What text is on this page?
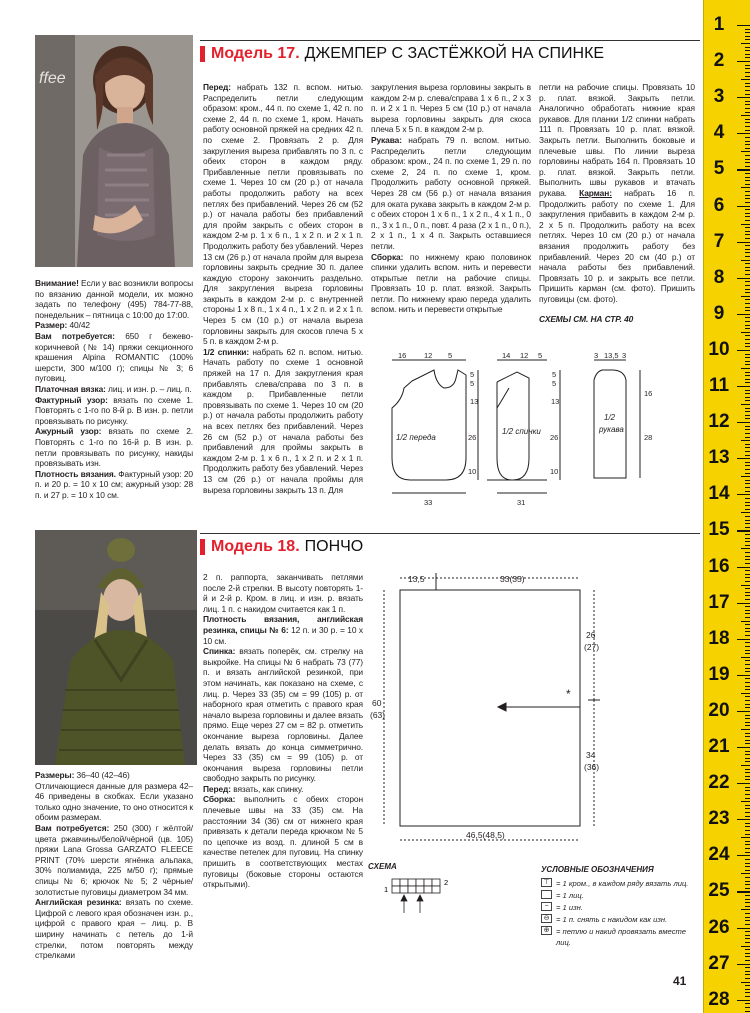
Модель 17. ДЖЕМПЕР С ЗАСТЁЖКОЙ НА СПИНКЕ
ffee

Внимание! Если у вас возникли вопросы по вязанию данной модели, их можно задать по телефону (495) 784-77-88, понедельник – пятница с 10:00 до 17:00.

Размер: 40/42

Вам потребуется: 650 г бежево-коричневой (№ 14) пряжи секционного крашения Alpina ROMANTIC (100% шерсти, 300 м/100 г); спицы № 3; 6 пуговиц.

Платочная вязка: лиц. и изн. р. – лиц. п.

Фактурный узор: вязать по схеме 1. Повторять с 1-го по 8-й р. В изн. р. петли провязывать по рисунку.

Ажурный узор: вязать по схеме 2. Повторять с 1-го по 16-й р. В изн. р. петли провязывать по рисунку, накиды провязывать изн.

Плотность вязания. Фактурный узор: 20 п. и 20 р. = 10 х 10 см; ажурный узор: 28 п. и 27 р. = 10 х 10 см.

Перед: набрать 132 п. вспом. нитью. Распределить петли следующим образом: кром., 44 п. по схеме 1, 42 п. по схеме 2, 44 п. по схеме 1, кром. Начать работу основной пряжей на средних 42 п. по схеме 2. Провязать 2 р. Для закругления выреза прибавлять по 3 п. с обеих сторон в каждом ряду. Прибавленные петли провязывать по схеме 1. Через 10 см (20 р.) от начала работы продолжить работу на всех петлях без прибавлений. Через 26 см (52 р.) от начала работы без прибавлений для пройм закрыть с обеих сторон в каждом 2-м р. 1 х 6 п., 1 х 2 п. и 2 х 1 п. Продолжить работу без убавлений. Через 13 см (26 р.) от начала пройм для выреза горловины закрыть средние 30 п. далее каждую сторону закончить раздельно. Для закругления выреза горловины закрыть в каждом 2-м р. с внутренней стороны 1 х 8 п., 1 х 4 п., 1 х 2 п. и 2 х 1 п. Через 5 см (10 р.) от начала выреза горловины закрыть для скосов плеча 5 х 5 п. в каждом 2-м р.

1/2 спинки: набрать 62 п. вспом. нитью. Начать работу по схеме 1 основной пряжей на 17 п. Для закругления края прибавлять слева/справа по 3 п. в каждом р. Прибавленные петли провязывать по схеме 1. Через 10 см (20 р.) от начала работы продолжить работу на всех петлях без прибавлений. Через 26 см (52 р.) от начала работы без прибавлений для проймы закрыть в каждом 2-м р. 1 х 6 п., 1 х 2 п. и 2 х 1 п. Продолжить работу без убавлений. Через 13 см (26 р.) от начала проймы для выреза горловины закрыть 13 п. Для

закругления выреза горловины закрыть в каждом 2-м р. слева/справа 1 х 6 п., 2 х 3 п. и 2 х 1 п. Через 5 см (10 р.) от начала выреза горловины закрыть для скоса плеча 5 х 5 п. в каждом 2-м р.

Рукава: набрать 79 п. вспом. нитью. Распределить петли следующим образом: кром., 24 п. по схеме 1, 29 п. по схеме 2, 24 п. по схеме 1, кром. Продолжить работу основной пряжей. Через 28 см (56 р.) от начала вязания для оката рукава закрыть в каждом 2-м р. с обеих сторон 1 х 6 п., 1 х 2 п., 4 х 1 п., 0 п., 3 х 1 п., 0 п., повт. 4 раза (2 х 1 п., 0 п.), 2 х 1 п., 1 х 4 п. Закрыть оставшиеся петли.

Сборка: по нижнему краю половинок спинки удалить вспом. нить и перевести открытые петли на рабочие спицы. Провязать 10 р. плат. вязкой. Закрыть петли. По нижнему краю переда удалить вспом. нить и перевести открытые

петли на рабочие спицы. Провязать 10 р. плат. вязкой. Закрыть петли. Аналогично обработать нижние края рукавов. Для планки 1/2 спинки набрать 111 п. Провязать 10 р. плат. вязкой. Закрыть петли. Выполнить боковые и плечевые швы. По линии выреза горловины набрать 164 п. Провязать 10 р. плат. вязкой. Закрыть петли. Выполнить швы рукавов и втачать рукава. Карман: набрать 16 п. Продолжить работу по схеме 1. Для закругления прибавить в каждом 2-м р. 2 х 5 п. Продолжить работу на всех петлях. Через 10 см (20 р.) от начала вязания продолжить работу без прибавлений. Через 20 см (40 р.) от начала работы без прибавлений. Провязать 10 р. и закрыть все петли. Пришить карман (см. фото). Пришить пуговицы (см. фото).

СХЕМЫ СМ. НА СТР. 40

16 12 5
5
5
13
26
10
33
1/2 переда
14 12 5
5
5
13
26
10
31
1/2 спинки
3 13,5 3
16
28
1/2
рукава
Модель 18. ПОНЧО

Размеры: 36–40 (42–46)

Отличающиеся данные для размера 42–46 приведены в скобках. Если указано только одно значение, то оно относится к обоим размерам.

Вам потребуется: 250 (300) г жёлтой/цвета ржавчины/белой/чёрной (цв. 105) пряжи Lana Grossa GARZATO FLEECE PRINT (70% шерсти ягнёнка альпака, 30% полиамида, 225 м/50 г); прямые спицы № 6; крючок № 5; 2 чёрные/золотистые пуговицы диаметром 34 мм.

Английская резинка: вязать по схеме. Цифрой с левого края обозначен изн. р., цифрой с правого края – лиц. р. В ширину начинать с петель до 1-й стрелки, потом повторять между стрелками

2 п. раппорта, заканчивать петлями после 2-й стрелки. В высоту повторять 1-й и 2-й р. Кром. в лиц. и изн. р. вязать лиц. 1 п. с накидом считается как 1 п.

Плотность вязания, английская резинка, спицы № 6: 12 п. и 30 р. = 10 х 10 см.

Спинка: вязать поперёк, см. стрелку на выкройке. На спицы № 6 набрать 73 (77) п. и вязать английской резинкой, при этом начинать, как показано на схеме, с лиц. р. Через 33 (35) см = 99 (105) р. от наборного края отметить с правого края начало выреза горловины и далее вязать прямо. Еще через 27 см = 82 р. отметить окончание выреза горловины. Далее делать вязать до конца симметрично. Через 33 (35) см = 99 (105) р. от окончания выреза горловины петли свободно закрыть по рисунку.

Перед: вязать, как спинку.

Сборка: выполнить с обеих сторон плечевые швы на 33 (35) см. На расстоянии 34 (36) см от нижнего края привязать к детали переда крючком № 5 по цепочке из возд. п. длиной 5 см в качестве петелек для пуговиц. На спинку пришить в соответствующих местах пуговицы (боковые стороны остаются открытыми).

13,5	33(35)
26
(27)
34
(36)
60
(63)
46,5(48,5)
*
СХЕМА
1
2
УСЛОВНЫЕ ОБОЗНАЧЕНИЯ
⊤ = 1 кром., в каждом ряду вязать лиц.
= 1 лиц.
− = 1 изн.
⊖ = 1 п. снять с накидом как изн.
⊕ = петлю и накид провязать вместе лиц.
41
1
2
3
4
5
6
7
8
9
10
11
12
13
14
15
16
17
18
19
20
21
22
23
24
25
26
27
28
